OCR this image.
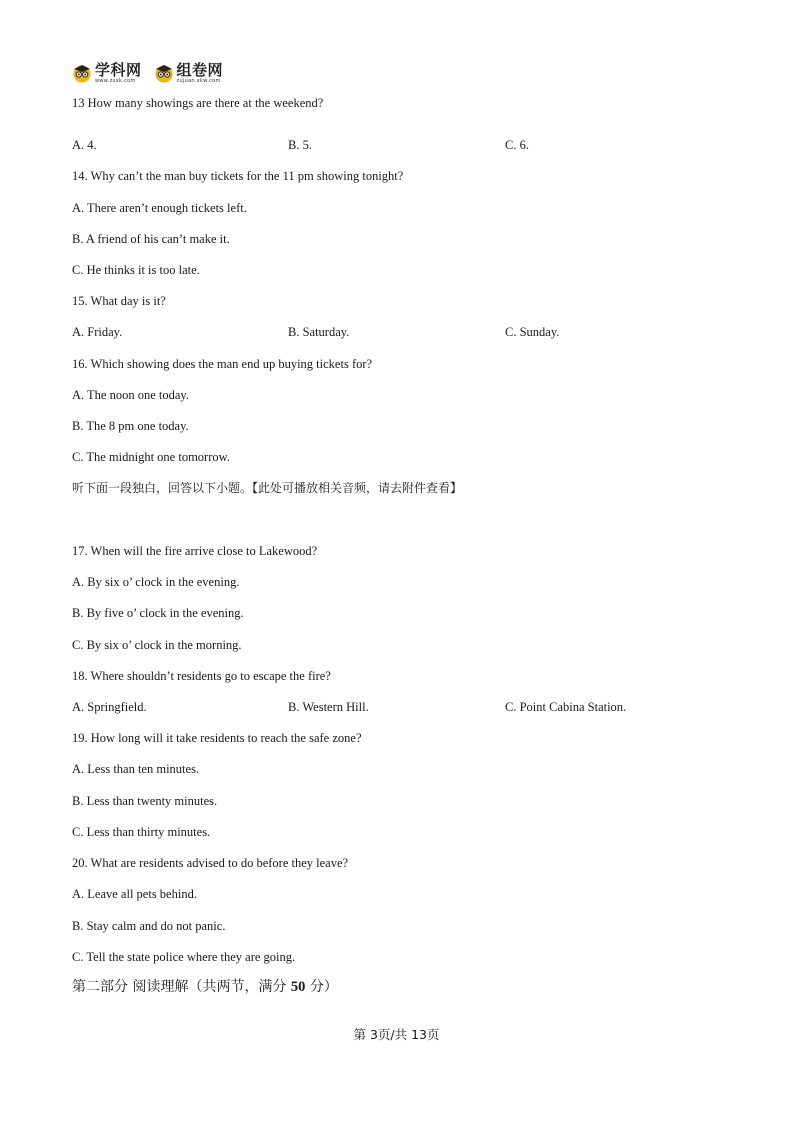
学科网
www.zxxk.com
组卷网
zujuan.xkw.com
13 How many showings are there at the weekend?
A. 4.	B. 5.	C. 6.
14. Why can’t the man buy tickets for the 11 pm showing tonight?
A. There aren’t enough tickets left.
B. A friend of his can’t make it.
C. He thinks it is too late.
15. What day is it?
A. Friday.	B. Saturday.	C. Sunday.
16. Which showing does the man end up buying tickets for?
A. The noon one today.
B. The 8 pm one today.
C. The midnight one tomorrow.
听下面一段独白，回答以下小题。【此处可播放相关音频，请去附件查看】
17. When will the fire arrive close to Lakewood?
A. By six o’ clock in the evening.
B. By five o’ clock in the evening.
C. By six o’ clock in the morning.
18. Where shouldn’t residents go to escape the fire?
A. Springfield.	B. Western Hill.	C. Point Cabina Station.
19. How long will it take residents to reach the safe zone?
A. Less than ten minutes.
B. Less than twenty minutes.
C. Less than thirty minutes.
20. What are residents advised to do before they leave?
A. Leave all pets behind.
B. Stay calm and do not panic.
C. Tell the state police where they are going.
第二部分 阅读理解（共两节，满分 50 分）
第 3页/共 13页
